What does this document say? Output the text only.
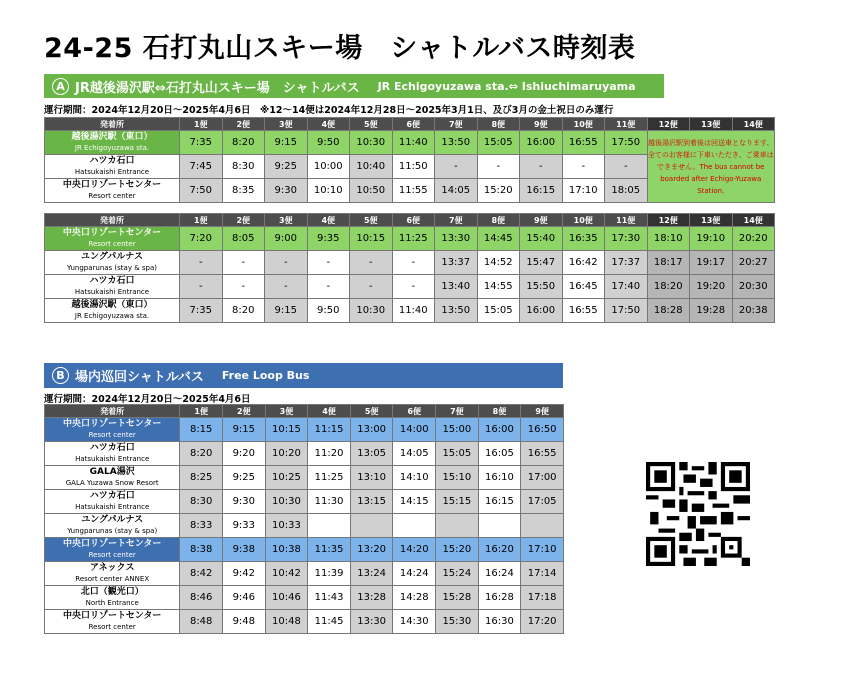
24-25 石打丸山スキー場　シャトルバス時刻表
A JR越後湯沢駅⇔石打丸山スキー場　シャトルバス JR Echigoyuzawa sta.⇔ Ishiuchimaruyama
運行期間：2024年12月20日～2025年4月6日　※12～14便は2024年12月28日～2025年3月1日、及び3月の金土祝日のみ運行
発着所	1便	2便	3便	4便	5便	6便	7便	8便	9便	10便	11便	12便	13便	14便
越後湯沢駅（東口）
JR Echigoyuzawa sta.	7:35	8:20	9:15	9:50	10:30	11:40	13:50	15:05	16:00	16:55	17:50	越後湯沢駅到着後は回送車となります、全てのお客様に下車いただき、ご乗車はできません。The bus cannot be boarded after Echigo-Yuzawa Station.		
ハツカ石口
Hatsukaishi Entrance	7:45	8:30	9:25	10:00	10:40	11:50	-	-	-	-	-			
中央口リゾートセンター
Resort center	7:50	8:35	9:30	10:10	10:50	11:55	14:05	15:20	16:15	17:10	18:05			
発着所	1便	2便	3便	4便	5便	6便	7便	8便	9便	10便	11便	12便	13便	14便
中央口リゾートセンター
Resort center	7:20	8:05	9:00	9:35	10:15	11:25	13:30	14:45	15:40	16:35	17:30	18:10	19:10	20:20
ユングパルナス
Yungparunas (stay & spa)	-	-	-	-	-	-	13:37	14:52	15:47	16:42	17:37	18:17	19:17	20:27
ハツカ石口
Hatsukaishi Entrance	-	-	-	-	-	-	13:40	14:55	15:50	16:45	17:40	18:20	19:20	20:30
越後湯沢駅（東口）
JR Echigoyuzawa sta.	7:35	8:20	9:15	9:50	10:30	11:40	13:50	15:05	16:00	16:55	17:50	18:28	19:28	20:38
B 場内巡回シャトルバス Free Loop Bus
運行期間：2024年12月20日～2025年4月6日
発着所	1便	2便	3便	4便	5便	6便	7便	8便	9便
中央口リゾートセンター
Resort center	8:15	9:15	10:15	11:15	13:00	14:00	15:00	16:00	16:50
ハツカ石口
Hatsukaishi Entrance	8:20	9:20	10:20	11:20	13:05	14:05	15:05	16:05	16:55
GALA湯沢
GALA Yuzawa Snow Resort	8:25	9:25	10:25	11:25	13:10	14:10	15:10	16:10	17:00
ハツカ石口
Hatsukaishi Entrance	8:30	9:30	10:30	11:30	13:15	14:15	15:15	16:15	17:05
ユングパルナス
Yungparunas (stay & spa)	8:33	9:33	10:33						
中央口リゾートセンター
Resort center	8:38	9:38	10:38	11:35	13:20	14:20	15:20	16:20	17:10
アネックス
Resort center ANNEX	8:42	9:42	10:42	11:39	13:24	14:24	15:24	16:24	17:14
北口（観光口）
North Entrance	8:46	9:46	10:46	11:43	13:28	14:28	15:28	16:28	17:18
中央口リゾートセンター
Resort center	8:48	9:48	10:48	11:45	13:30	14:30	15:30	16:30	17:20
